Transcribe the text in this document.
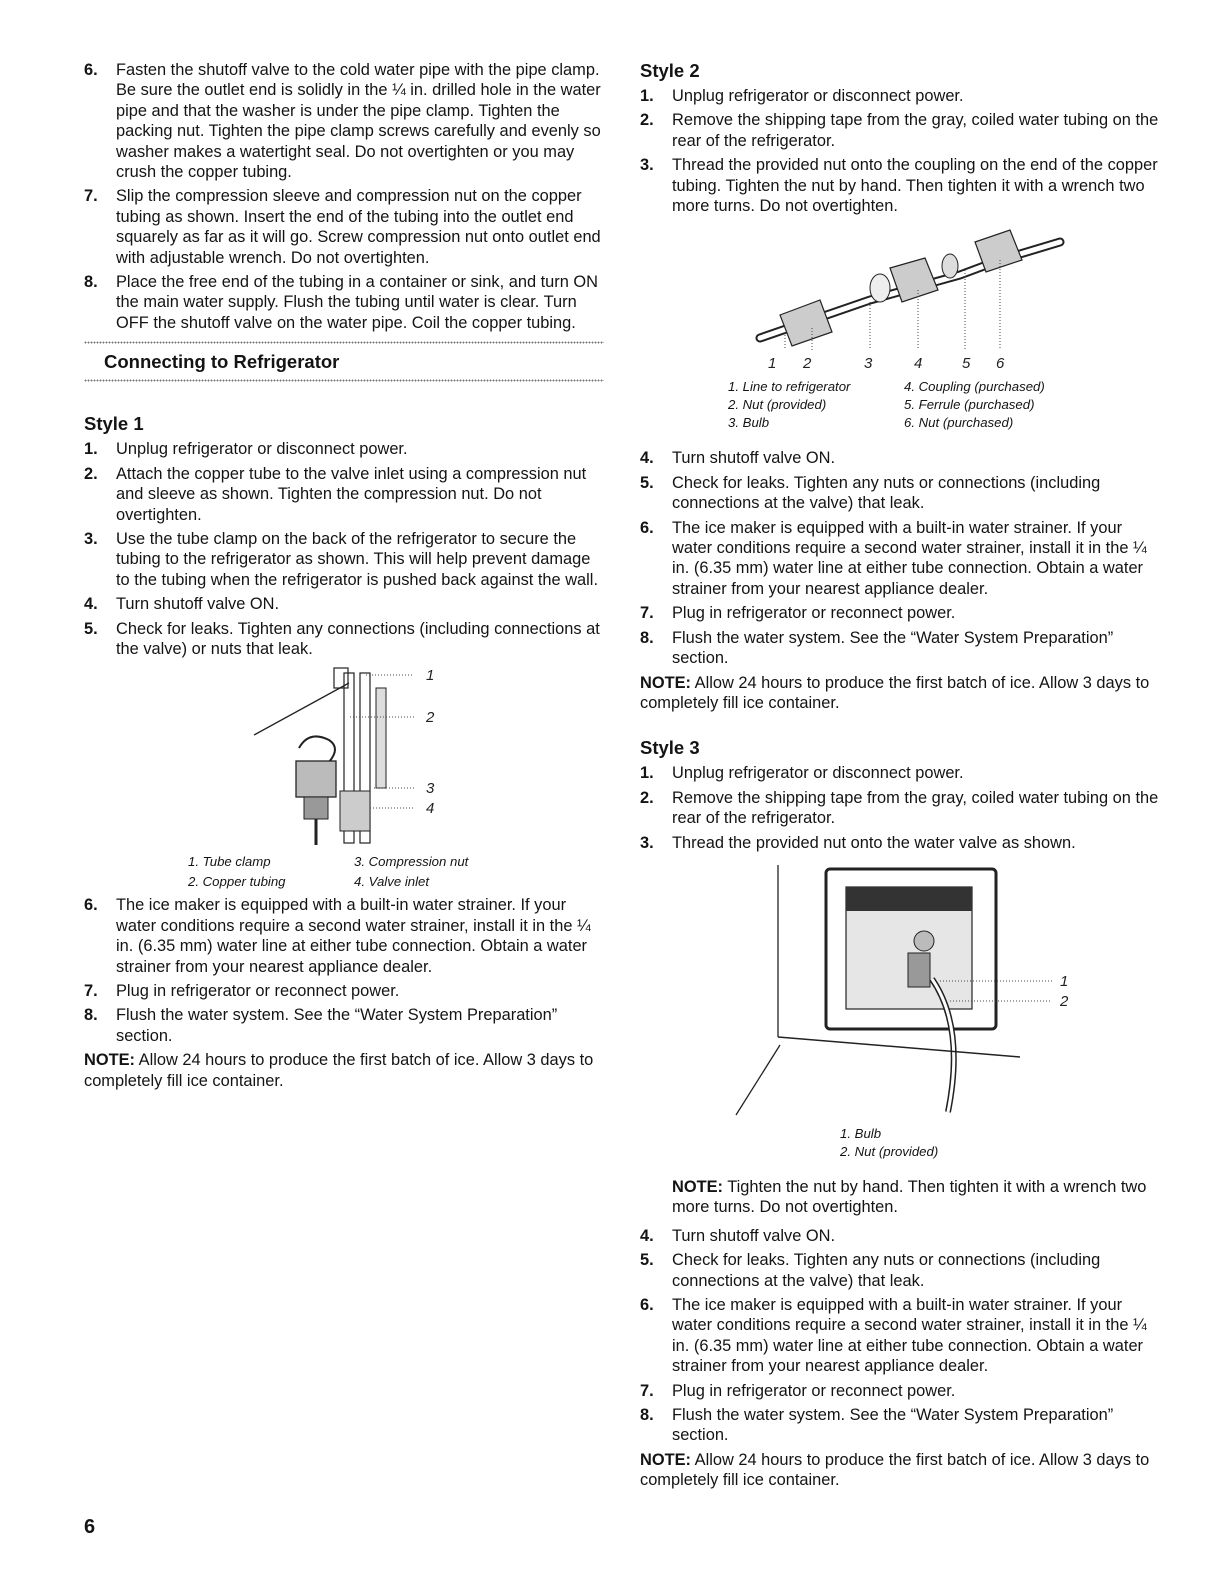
6. Fasten the shutoff valve to the cold water pipe with the pipe clamp. Be sure the outlet end is solidly in the ¼ in. drilled hole in the water pipe and that the washer is under the pipe clamp. Tighten the packing nut. Tighten the pipe clamp screws carefully and evenly so washer makes a watertight seal. Do not overtighten or you may crush the copper tubing.
7. Slip the compression sleeve and compression nut on the copper tubing as shown. Insert the end of the tubing into the outlet end squarely as far as it will go. Screw compression nut onto outlet end with adjustable wrench. Do not overtighten.
8. Place the free end of the tubing in a container or sink, and turn ON the main water supply. Flush the tubing until water is clear. Turn OFF the shutoff valve on the water pipe. Coil the copper tubing.
Connecting to Refrigerator
Style 1
1. Unplug refrigerator or disconnect power.
2. Attach the copper tube to the valve inlet using a compression nut and sleeve as shown. Tighten the compression nut. Do not overtighten.
3. Use the tube clamp on the back of the refrigerator to secure the tubing to the refrigerator as shown. This will help prevent damage to the tubing when the refrigerator is pushed back against the wall.
4. Turn shutoff valve ON.
5. Check for leaks. Tighten any connections (including connections at the valve) or nuts that leak.
1
2
3
4
1. Tube clamp
2. Copper tubing
3. Compression nut
4. Valve inlet
6. The ice maker is equipped with a built-in water strainer. If your water conditions require a second water strainer, install it in the ¼ in. (6.35 mm) water line at either tube connection. Obtain a water strainer from your nearest appliance dealer.
7. Plug in refrigerator or reconnect power.
8. Flush the water system. See the “Water System Preparation” section.

NOTE: Allow 24 hours to produce the first batch of ice. Allow 3 days to completely fill ice container.

Style 2
1. Unplug refrigerator or disconnect power.
2. Remove the shipping tape from the gray, coiled water tubing on the rear of the refrigerator.
3. Thread the provided nut onto the coupling on the end of the copper tubing. Tighten the nut by hand. Then tighten it with a wrench two more turns. Do not overtighten.
1 2	3	4	5 6
1. Line to refrigerator
2. Nut (provided)
3. Bulb
4. Coupling (purchased)
5. Ferrule (purchased)
6. Nut (purchased)
4. Turn shutoff valve ON.
5. Check for leaks. Tighten any nuts or connections (including connections at the valve) that leak.
6. The ice maker is equipped with a built-in water strainer. If your water conditions require a second water strainer, install it in the ¼ in. (6.35 mm) water line at either tube connection. Obtain a water strainer from your nearest appliance dealer.
7. Plug in refrigerator or reconnect power.
8. Flush the water system. See the “Water System Preparation” section.

NOTE: Allow 24 hours to produce the first batch of ice. Allow 3 days to completely fill ice container.

Style 3
1. Unplug refrigerator or disconnect power.
2. Remove the shipping tape from the gray, coiled water tubing on the rear of the refrigerator.
3. Thread the provided nut onto the water valve as shown.
1
2
1. Bulb
2. Nut (provided)

NOTE: Tighten the nut by hand. Then tighten it with a wrench two more turns. Do not overtighten.

4. Turn shutoff valve ON.
5. Check for leaks. Tighten any nuts or connections (including connections at the valve) that leak.
6. The ice maker is equipped with a built-in water strainer. If your water conditions require a second water strainer, install it in the ¼ in. (6.35 mm) water line at either tube connection. Obtain a water strainer from your nearest appliance dealer.
7. Plug in refrigerator or reconnect power.
8. Flush the water system. See the “Water System Preparation” section.

NOTE: Allow 24 hours to produce the first batch of ice. Allow 3 days to completely fill ice container.

6
